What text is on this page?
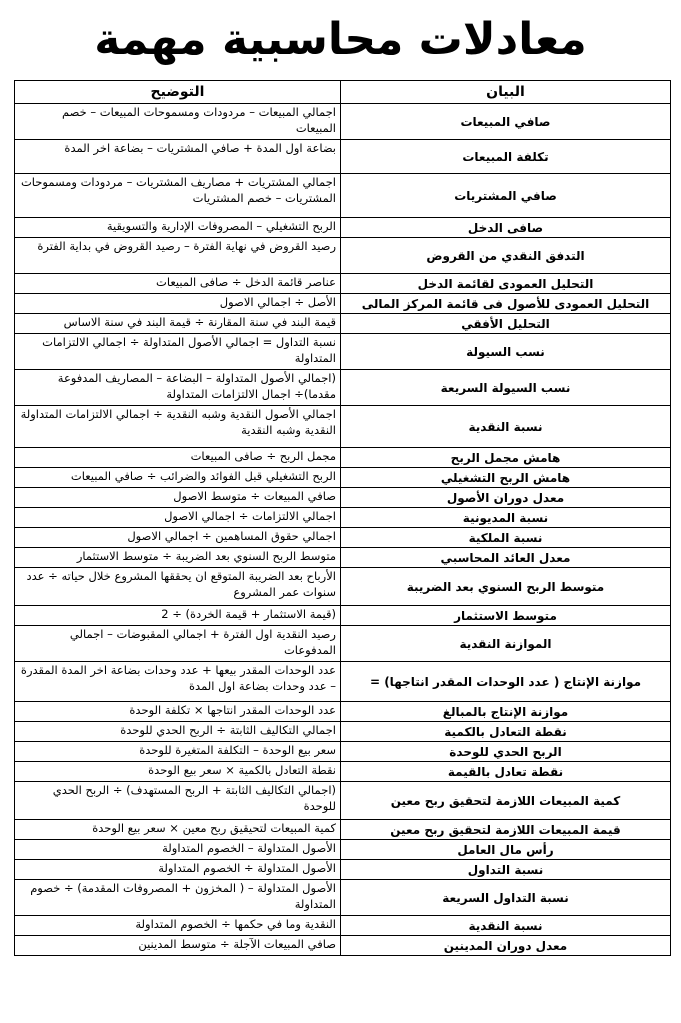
معادلات محاسبية مهمة
البيان	التوضيح
صافي المبيعات	اجمالي المبيعات – مردودات ومسموحات المبيعات – خصم المبيعات
تكلفة المبيعات	بضاعة اول المدة + صافي المشتريات – بضاعة اخر المدة
صافي المشتريات	اجمالي المشتريات + مصاريف المشتريات – مردودات ومسموحات المشتريات – خصم المشتريات
صافى الدخل	الربح التشغيلي – المصروفات الإدارية والتسويقية
التدفق النقدي من القروض	رصيد القروض في نهاية الفترة – رصيد القروض في بداية الفترة
التحليل العمودى لقائمة الدخل	عناصر قائمة الدخل ÷ صافى المبيعات
التحليل العمودى للأصول فى قائمة المركز المالى	الأصل ÷ اجمالي الاصول
التحليل الأفقي	قيمة البند في سنة المقارنة ÷ قيمة البند في سنة الاساس
نسب السيولة	نسبة التداول = اجمالي الأصول المتداولة ÷ اجمالي الالتزامات المتداولة
نسب السيولة السريعة	(اجمالي الأصول المتداولة – البضاعة – المصاريف المدفوعة مقدما)÷ اجمال الالتزامات المتداولة
نسبة النقدية	اجمالي الأصول النقدية وشبه النقدية ÷ اجمالي الالتزامات المتداولة النقدية وشبه النقدية
هامش مجمل الربح	مجمل الربح ÷ صافى المبيعات
هامش الربح التشغيلي	الربح التشغيلي قبل الفوائد والضرائب ÷ صافي المبيعات
معدل دوران الأصول	صافي المبيعات ÷ متوسط الاصول
نسبة المديونية	اجمالي الالتزامات ÷ اجمالي الاصول
نسبة الملكية	اجمالي حقوق المساهمين ÷ اجمالي الاصول
معدل العائد المحاسبي	متوسط الربح السنوي بعد الضريبة ÷ متوسط الاستثمار
متوسط الربح السنوي بعد الضريبة	الأرباح بعد الضريبة المتوقع ان يحققها المشروع خلال حياته ÷ عدد سنوات عمر المشروع
متوسط الاستثمار	(قيمة الاستثمار + قيمة الخردة) ÷ 2
الموازنة النقدية	رصيد النقدية اول الفترة + اجمالي المقبوضات – اجمالي المدفوعات
موازنة الإنتاج ( عدد الوحدات المقدر انتاجها) =	عدد الوحدات المقدر بيعها + عدد وحدات بضاعة اخر المدة المقدرة – عدد وحدات بضاعة اول المدة
موازنة الإنتاج بالمبالغ	عدد الوحدات المقدر انتاجها × تكلفة الوحدة
نقطة التعادل بالكمية	اجمالي التكاليف الثابتة ÷ الربح الحدي للوحدة
الربح الحدي للوحدة	سعر بيع الوحدة – التكلفة المتغيرة للوحدة
نقطة تعادل بالقيمة	نقطة التعادل بالكمية × سعر بيع الوحدة
كمية المبيعات اللازمة لتحقيق ربح معين	(اجمالي التكاليف الثابتة + الربح المستهدف) ÷ الربح الحدي للوحدة
قيمة المبيعات اللازمة لتحقيق ربح معين	كمية المبيعات لتحيقيق ربح معين × سعر بيع الوحدة
رأس مال العامل	الأصول المتداولة – الخصوم المتداولة
نسبة التداول	الأصول المتداولة ÷ الخصوم المتداولة
نسبة التداول السريعة	الأصول المتداولة – ( المخزون + المصروفات المقدمة) ÷ خصوم المتداولة
نسبة النقدية	النقدية وما في حكمها ÷ الخصوم المتداولة
معدل دوران المدينين	صافي المبيعات الآجلة ÷ متوسط المدينين
